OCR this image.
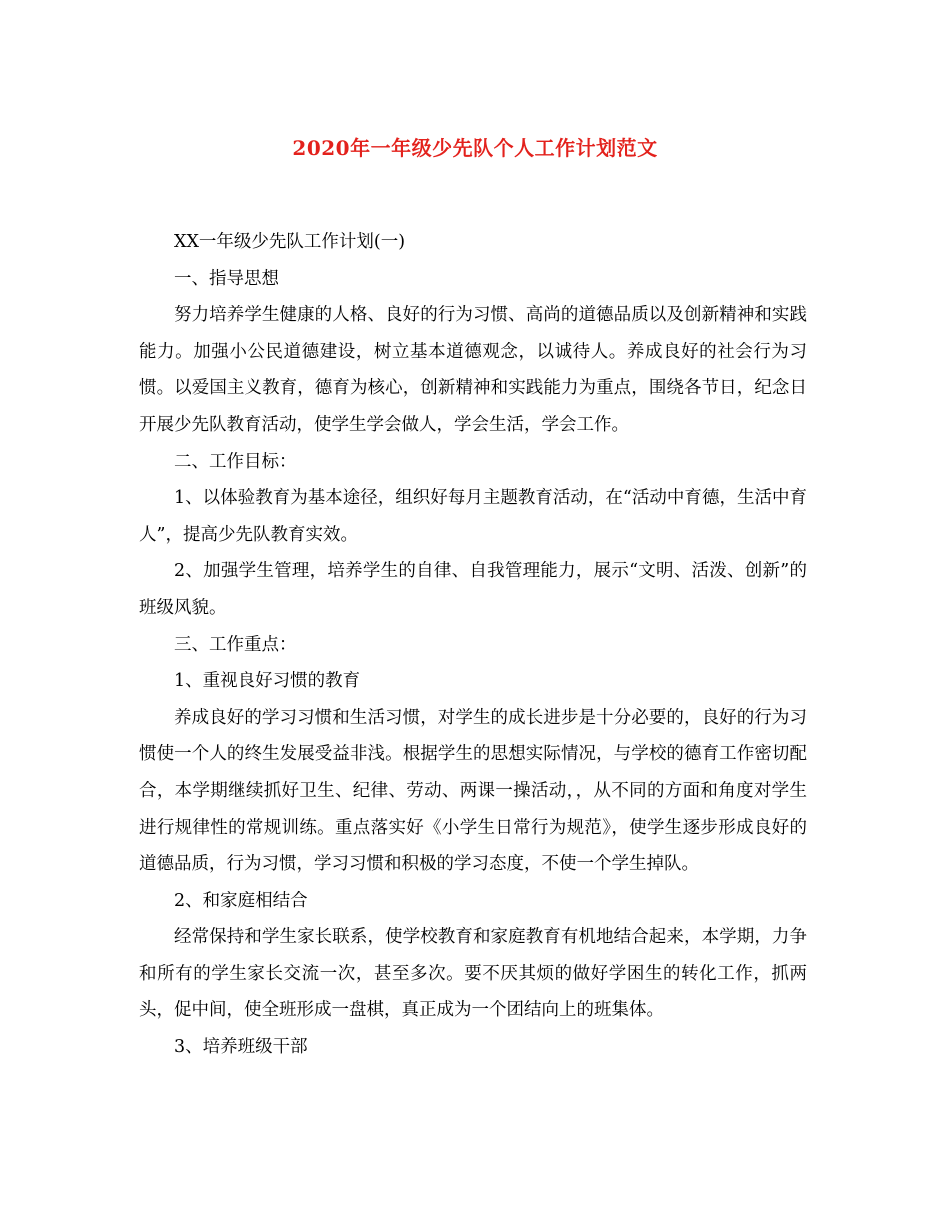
2020年一年级少先队个人工作计划范文

XX一年级少先队工作计划(一)

一、指导思想

努力培养学生健康的人格、良好的行为习惯、高尚的道德品质以及创新精神和实践能力。加强小公民道德建设，树立基本道德观念，以诚待人。养成良好的社会行为习惯。以爱国主义教育，德育为核心，创新精神和实践能力为重点，围绕各节日，纪念日开展少先队教育活动，使学生学会做人，学会生活，学会工作。

二、工作目标：

1、以体验教育为基本途径，组织好每月主题教育活动，在“活动中育德，生活中育人”，提高少先队教育实效。

2、加强学生管理，培养学生的自律、自我管理能力，展示“文明、活泼、创新”的班级风貌。

三、工作重点：

1、重视良好习惯的教育

养成良好的学习习惯和生活习惯，对学生的成长进步是十分必要的，良好的行为习惯使一个人的终生发展受益非浅。根据学生的思想实际情况，与学校的德育工作密切配合，本学期继续抓好卫生、纪律、劳动、两课一操活动，，从不同的方面和角度对学生进行规律性的常规训练。重点落实好《小学生日常行为规范》，使学生逐步形成良好的道德品质，行为习惯，学习习惯和积极的学习态度，不使一个学生掉队。

2、和家庭相结合

经常保持和学生家长联系，使学校教育和家庭教育有机地结合起来，本学期，力争和所有的学生家长交流一次，甚至多次。要不厌其烦的做好学困生的转化工作，抓两头，促中间，使全班形成一盘棋，真正成为一个团结向上的班集体。

3、培养班级干部
